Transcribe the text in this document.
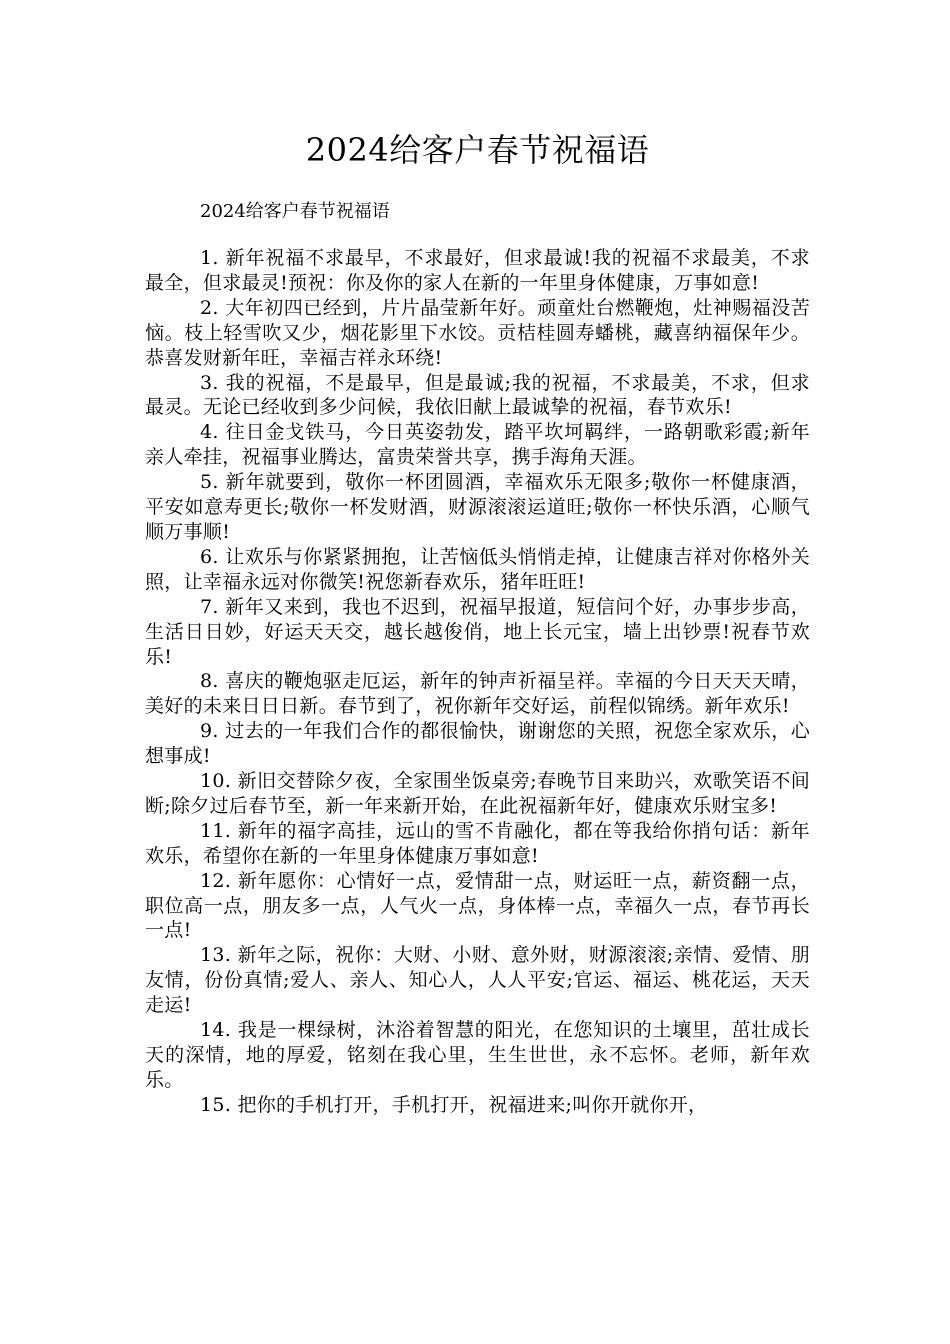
2024给客户春节祝福语
2024给客户春节祝福语

1. 新年祝福不求最早，不求最好，但求最诚!我的祝福不求最美，不求最全，但求最灵!预祝：你及你的家人在新的一年里身体健康，万事如意!

2. 大年初四已经到，片片晶莹新年好。顽童灶台燃鞭炮，灶神赐福没苦恼。枝上轻雪吹又少，烟花影里下水饺。贡桔桂圆寿蟠桃，藏喜纳福保年少。恭喜发财新年旺，幸福吉祥永环绕!

3. 我的祝福，不是最早，但是最诚;我的祝福，不求最美，不求，但求最灵。无论已经收到多少问候，我依旧献上最诚挚的祝福，春节欢乐!

4. 往日金戈铁马，今日英姿勃发，踏平坎坷羁绊，一路朝歌彩霞;新年亲人牵挂，祝福事业腾达，富贵荣誉共享，携手海角天涯。

5. 新年就要到，敬你一杯团圆酒，幸福欢乐无限多;敬你一杯健康酒，平安如意寿更长;敬你一杯发财酒，财源滚滚运道旺;敬你一杯快乐酒，心顺气顺万事顺!

6. 让欢乐与你紧紧拥抱，让苦恼低头悄悄走掉，让健康吉祥对你格外关照，让幸福永远对你微笑!祝您新春欢乐，猪年旺旺!

7. 新年又来到，我也不迟到，祝福早报道，短信问个好，办事步步高，生活日日妙，好运天天交，越长越俊俏，地上长元宝，墙上出钞票!祝春节欢乐!

8. 喜庆的鞭炮驱走厄运，新年的钟声祈福呈祥。幸福的今日天天天晴，美好的未来日日日新。春节到了，祝你新年交好运，前程似锦绣。新年欢乐!

9. 过去的一年我们合作的都很愉快，谢谢您的关照，祝您全家欢乐，心想事成!

10. 新旧交替除夕夜，全家围坐饭桌旁;春晚节目来助兴，欢歌笑语不间断;除夕过后春节至，新一年来新开始，在此祝福新年好，健康欢乐财宝多!

11. 新年的福字高挂，远山的雪不肯融化，都在等我给你捎句话：新年欢乐，希望你在新的一年里身体健康万事如意!

12. 新年愿你：心情好一点，爱情甜一点，财运旺一点，薪资翻一点，职位高一点，朋友多一点，人气火一点，身体棒一点，幸福久一点，春节再长一点!

13. 新年之际，祝你：大财、小财、意外财，财源滚滚;亲情、爱情、朋友情，份份真情;爱人、亲人、知心人，人人平安;官运、福运、桃花运，天天走运!

14. 我是一棵绿树，沐浴着智慧的阳光，在您知识的土壤里，茁壮成长天的深情，地的厚爱，铭刻在我心里，生生世世，永不忘怀。老师，新年欢乐。

15. 把你的手机打开，手机打开，祝福进来;叫你开就你开，
